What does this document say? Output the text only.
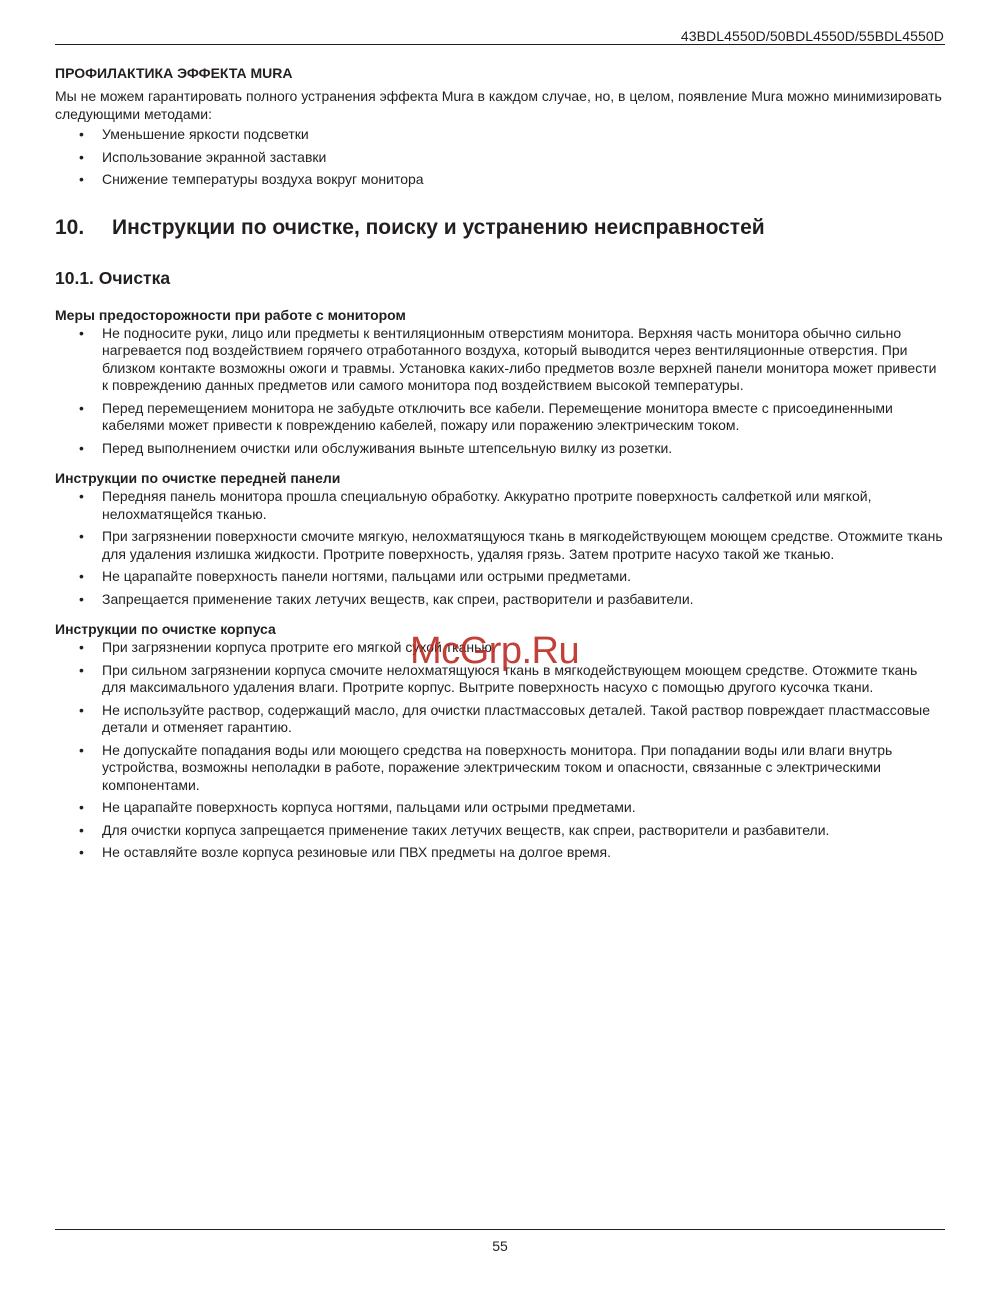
43BDL4550D/50BDL4550D/55BDL4550D
ПРОФИЛАКТИКА ЭФФЕКТА MURA

Мы не можем гарантировать полного устранения эффекта Mura в каждом случае, но, в целом, появление Mura можно минимизировать следующими методами:

• Уменьшение яркости подсветки
• Использование экранной заставки
• Снижение температуры воздуха вокруг монитора
10.	Инструкции по очистке, поиску и устранению неисправностей
10.1. Очистка
Меры предосторожности при работе с монитором
• Не подносите руки, лицо или предметы к вентиляционным отверстиям монитора. Верхняя часть монитора обычно сильно нагревается под воздействием горячего отработанного воздуха, который выводится через вентиляционные отверстия. При близком контакте возможны ожоги и травмы. Установка каких-либо предметов возле верхней панели монитора может привести к повреждению данных предметов или самого монитора под воздействием высокой температуры.
• Перед перемещением монитора не забудьте отключить все кабели. Перемещение монитора вместе с присоединенными кабелями может привести к повреждению кабелей, пожару или поражению электрическим током.
• Перед выполнением очистки или обслуживания выньте штепсельную вилку из розетки.
Инструкции по очистке передней панели
• Передняя панель монитора прошла специальную обработку. Аккуратно протрите поверхность салфеткой или мягкой, нелохматящейся тканью.
• При загрязнении поверхности смочите мягкую, нелохматящуюся ткань в мягкодействующем моющем средстве. Отожмите ткань для удаления излишка жидкости. Протрите поверхность, удаляя грязь. Затем протрите насухо такой же тканью.
• Не царапайте поверхность панели ногтями, пальцами или острыми предметами.
• Запрещается применение таких летучих веществ, как спреи, растворители и разбавители.
Инструкции по очистке корпуса
• При загрязнении корпуса протрите его мягкой сухой тканью.
• При сильном загрязнении корпуса смочите нелохматящуюся ткань в мягкодействующем моющем средстве. Отожмите ткань для максимального удаления влаги. Протрите корпус. Вытрите поверхность насухо с помощью другого кусочка ткани.
• Не используйте раствор, содержащий масло, для очистки пластмассовых деталей. Такой раствор повреждает пластмассовые детали и отменяет гарантию.
• Не допускайте попадания воды или моющего средства на поверхность монитора. При попадании воды или влаги внутрь устройства, возможны неполадки в работе, поражение электрическим током и опасности, связанные с электрическими компонентами.
• Не царапайте поверхность корпуса ногтями, пальцами или острыми предметами.
• Для очистки корпуса запрещается применение таких летучих веществ, как спреи, растворители и разбавители.
• Не оставляйте возле корпуса резиновые или ПВХ предметы на долгое время.
McGrp.Ru
55
